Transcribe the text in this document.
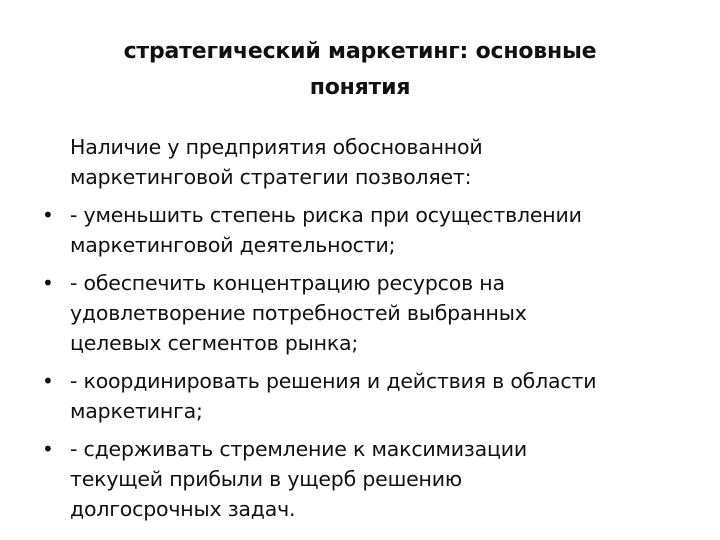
стратегический маркетинг: основные
понятия
Наличие у предприятия обоснованной
маркетинговой стратегии позволяет:
• - уменьшить степень риска при осуществлении
маркетинговой деятельности;
• - обеспечить концентрацию ресурсов на
удовлетворение потребностей выбранных
целевых сегментов рынка;
• - координировать решения и действия в области
маркетинга;
• - сдерживать стремление к максимизации
текущей прибыли в ущерб решению
долгосрочных задач.
